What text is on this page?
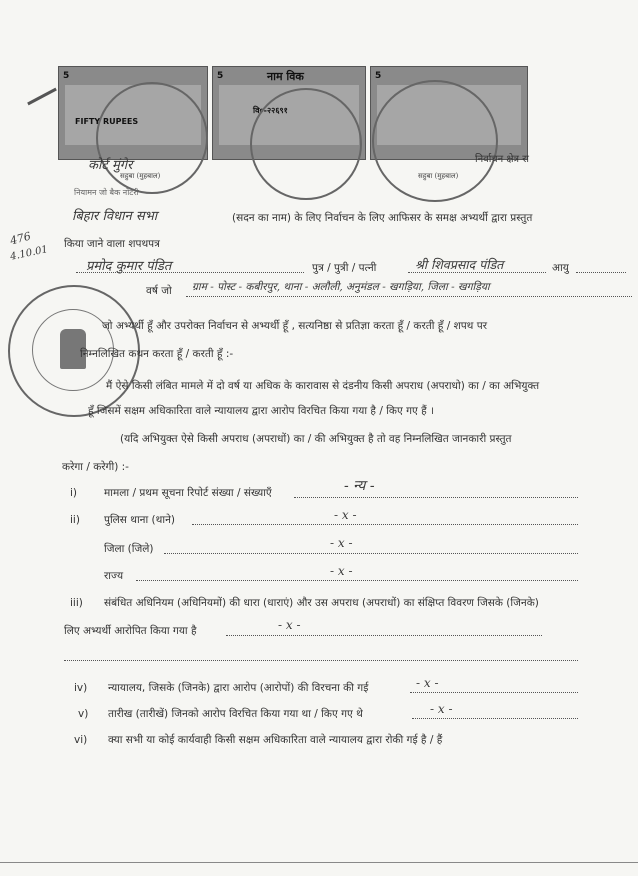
5
FIFTY RUPEES
5	नाम विक
वि०-२२६९१
5
सहुबा (मुहबाल)	सहुबा (मुहबाल)
कोर्ट मुंगेर	निर्वाचन क्षेत्र रा
नियामन जो बैक नोटरी
बिहार विधान सभा	(सदन का नाम) के लिए निर्वाचन के लिए आफिसर के समक्ष अभ्यर्थी द्वारा प्रस्तुत
476
4.10.01
किया जाने वाला शपथपत्र
प्रमोद कुमार पंडित	पुत्र / पुत्री / पत्नी	श्री शिवप्रसाद पंडित	आयु
वर्ष जो ग्राम - पोस्ट - कबीरपुर, थाना - अलौली, अनुमंडल - खगड़िया, जिला - खगड़िया
जो अभ्यर्थी हूँ और उपरोक्त निर्वाचन से अभ्यर्थी हूँ , सत्यनिष्ठा से प्रतिज्ञा करता हूँ / करती हूँ / शपथ पर
निम्नलिखित कथन करता हूँ / करती हूँ :-
मैं ऐसे किसी लंबित मामले में दो वर्ष या अधिक के कारावास से दंडनीय किसी अपराध (अपराधो) का / का अभियुक्त
हूँ जिसमें सक्षम अधिकारिता वाले न्यायालय द्वारा आरोप विरचित किया गया है / किए गए हैं ।
(यदि अभियुक्त ऐसे किसी अपराध (अपराधों) का / की अभियुक्त है तो वह निम्नलिखित जानकारी प्रस्तुत
करेगा / करेगी) :-
i)	मामला / प्रथम सूचना रिपोर्ट संख्या / संख्याएँ	- न्य -
ii) पुलिस थाना (थाने)	- x -
जिला (जिले)	- x -
राज्य	- x -
iii) संबंधित अधिनियम (अधिनियमों) की धारा (धाराएं) और उस अपराध (अपराधों) का संक्षिप्त विवरण जिसके (जिनके)
लिए अभ्यर्थी आरोपित किया गया है	- x -
iv) न्यायालय, जिसके (जिनके) द्वारा आरोप (आरोपों) की विरचना की गई	- x -
v) तारीख (तारीखें) जिनको आरोप विरचित किया गया था / किए गए थे	- x -
vi) क्या सभी या कोई कार्यवाही किसी सक्षम अधिकारिता वाले न्यायालय द्वारा रोकी गई है / हैं
